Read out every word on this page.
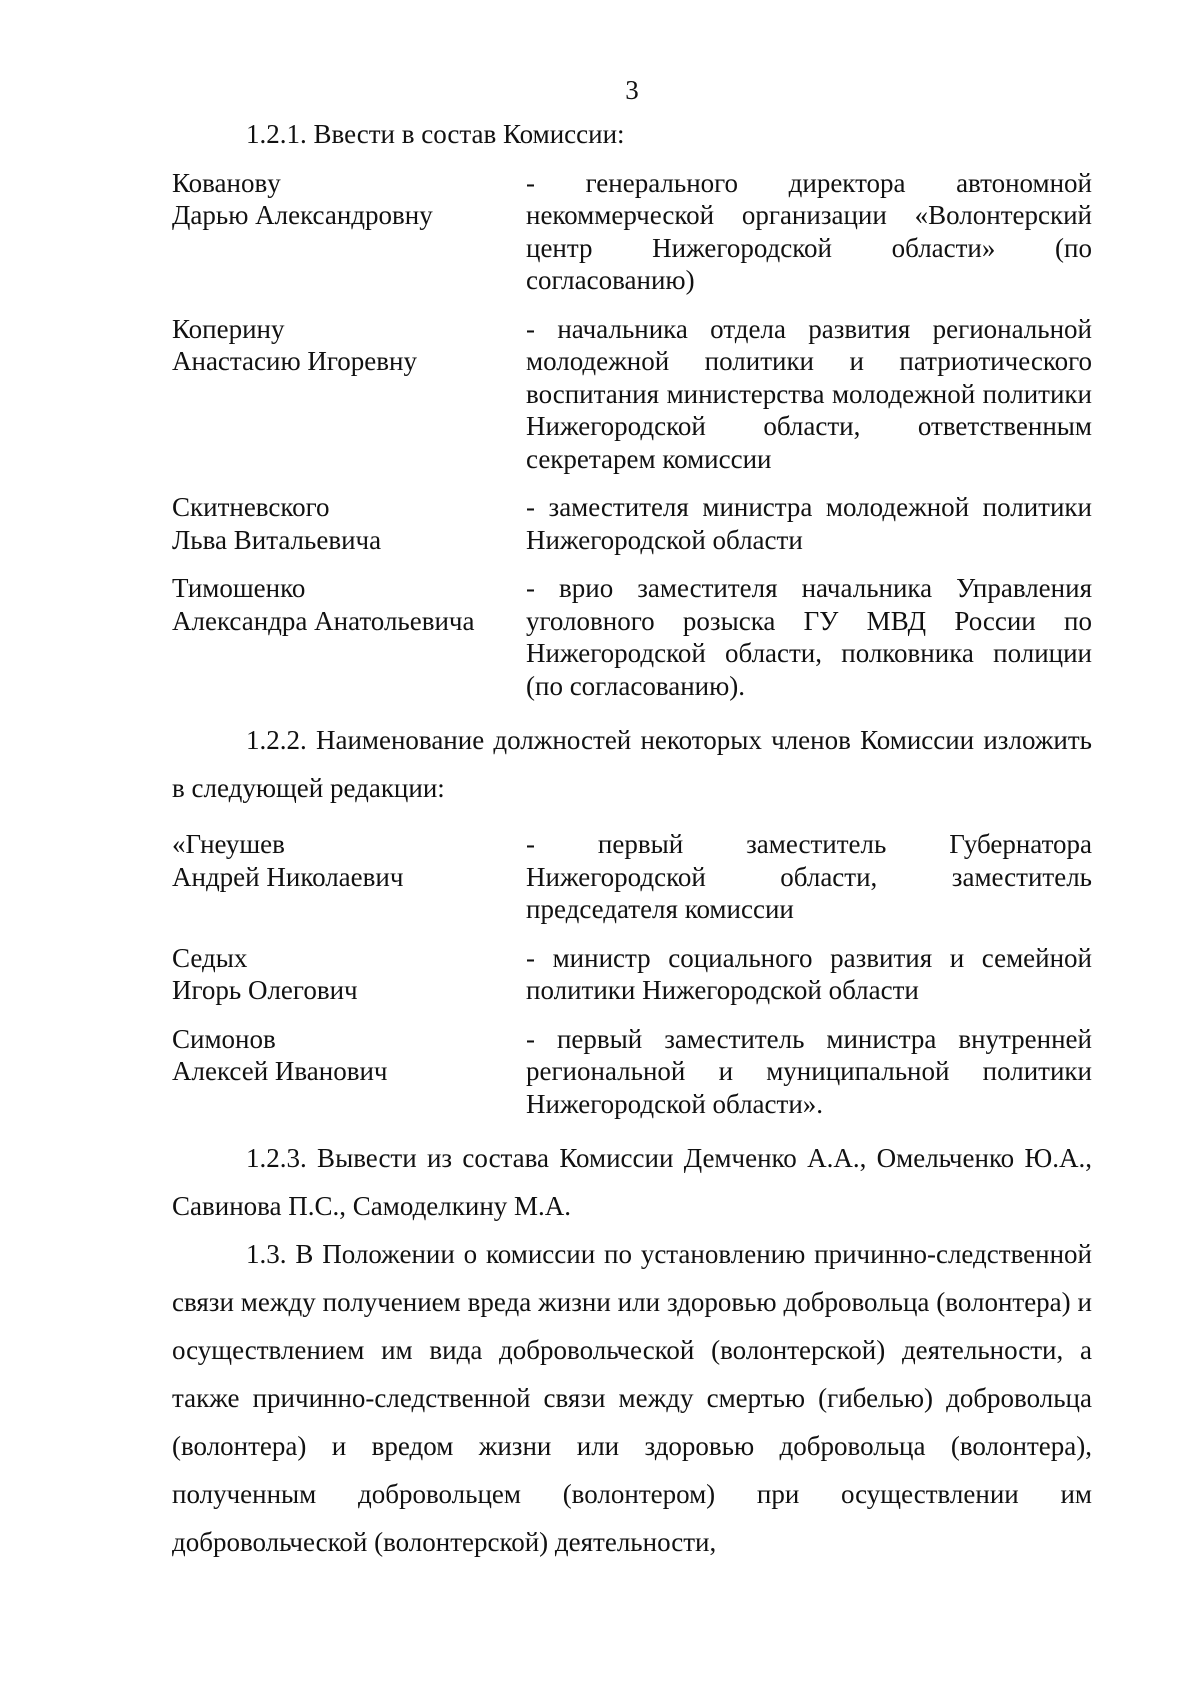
3

1.2.1. Ввести в состав Комиссии:

Ковановy
Дарью Александровну
- генерального директора автономной некоммерческой организации «Волонтерский центр Нижегородской области» (по согласованию)
Коперину
Анастасию Игоревну
- начальника отдела развития региональной молодежной политики и патриотического воспитания министерства молодежной политики Нижегородской области, ответственным секретарем комиссии
Скитневского
Льва Витальевича
- заместителя министра молодежной политики Нижегородской области
Тимошенко
Александра Анатольевича
- врио заместителя начальника Управления уголовного розыска ГУ МВД России по Нижегородской области, полковника полиции (по согласованию).

1.2.2. Наименование должностей некоторых членов Комиссии изложить в следующей редакции:

«Гнеушев
Андрей Николаевич
- первый заместитель Губернатора Нижегородской области, заместитель председателя комиссии
Седых
Игорь Олегович
- министр социального развития и семейной политики Нижегородской области
Симонов
Алексей Иванович
- первый заместитель министра внутренней региональной и муниципальной политики Нижегородской области».

1.2.3. Вывести из состава Комиссии Демченко А.А., Омельченко Ю.А., Савинова П.С., Самоделкину М.А.

1.3. В Положении о комиссии по установлению причинно-следственной связи между получением вреда жизни или здоровью добровольца (волонтера) и осуществлением им вида добровольческой (волонтерской) деятельности, а также причинно-следственной связи между смертью (гибелью) добровольца (волонтера) и вредом жизни или здоровью добровольца (волонтера), полученным добровольцем (волонтером) при осуществлении им добровольческой (волонтерской) деятельности,
